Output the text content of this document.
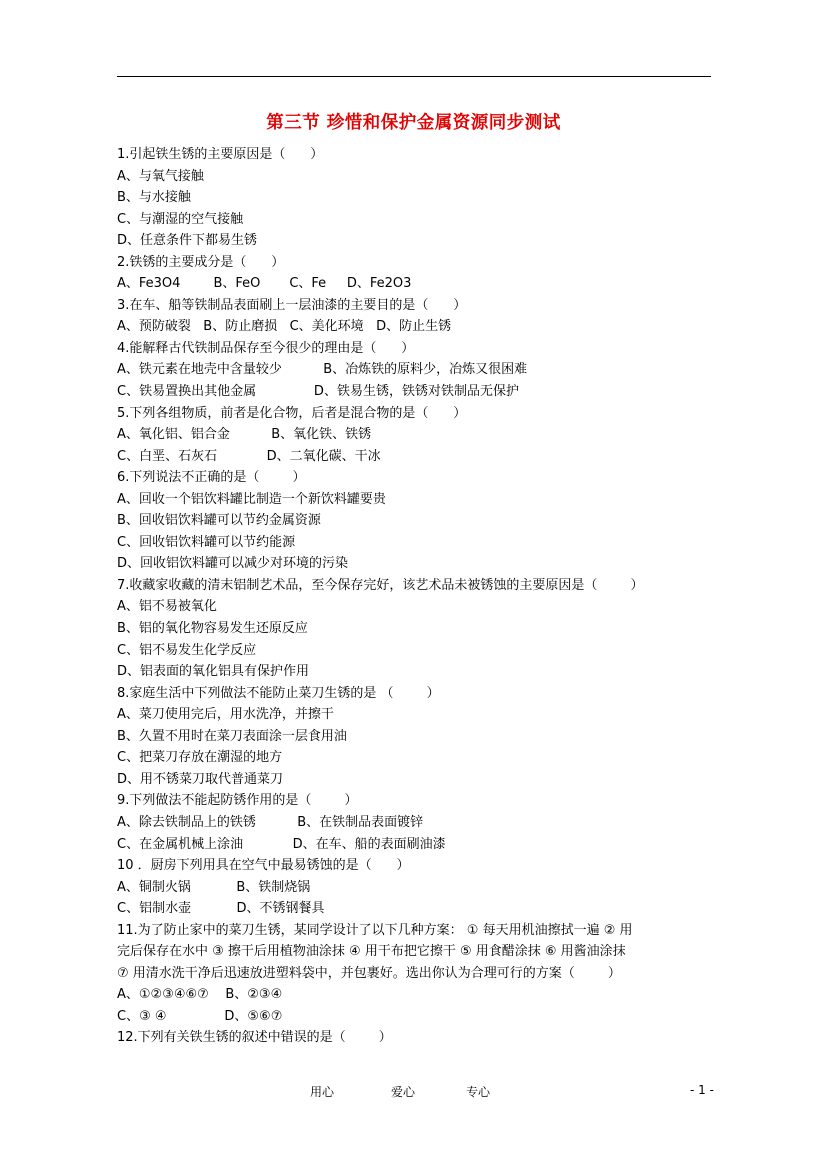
第三节 珍惜和保护金属资源同步测试
1.引起铁生锈的主要原因是（      ）
A、与氧气接触
B、与水接触
C、与潮湿的空气接触
D、任意条件下都易生锈
2.铁锈的主要成分是（      ）
A、Fe3O4        B、FeO       C、Fe     D、Fe2O3
3.在车、船等铁制品表面刷上一层油漆的主要目的是（      ）
A、预防破裂   B、防止磨损   C、美化环境   D、防止生锈
4.能解释古代铁制品保存至今很少的理由是（      ）
A、铁元素在地壳中含量较少          B、冶炼铁的原料少，冶炼又很困难
C、铁易置换出其他金属              D、铁易生锈，铁锈对铁制品无保护
5.下列各组物质，前者是化合物，后者是混合物的是（      ）
A、氧化铝、铝合金          B、氧化铁、铁锈
C、白垩、石灰石            D、二氧化碳、干冰
6.下列说法不正确的是（        ）
A、回收一个铝饮料罐比制造一个新饮料罐要贵
B、回收铝饮料罐可以节约金属资源
C、回收铝饮料罐可以节约能源
D、回收铝饮料罐可以减少对环境的污染
7.收藏家收藏的清末铝制艺术品，至今保存完好，该艺术品未被锈蚀的主要原因是（        ）
A、铝不易被氧化
B、铝的氧化物容易发生还原反应
C、铝不易发生化学反应
D、铝表面的氧化铝具有保护作用
8.家庭生活中下列做法不能防止菜刀生锈的是 （        ）
A、菜刀使用完后，用水洗净，并擦干
B、久置不用时在菜刀表面涂一层食用油
C、把菜刀存放在潮湿的地方
D、用不锈菜刀取代普通菜刀
9.下列做法不能起防锈作用的是（        ）
A、除去铁制品上的铁锈          B、在铁制品表面镀锌
C、在金属机械上涂油            D、在车、船的表面刷油漆
10 ．厨房下列用具在空气中最易锈蚀的是（      ）
A、铜制火锅           B、铁制烧锅
C、铝制水壶           D、不锈钢餐具
11.为了防止家中的菜刀生锈，某同学设计了以下几种方案： ① 每天用机油擦拭一遍 ② 用
完后保存在水中 ③ 擦干后用植物油涂抹 ④ 用干布把它擦干 ⑤ 用食醋涂抹 ⑥ 用酱油涂抹
⑦ 用清水洗干净后迅速放进塑料袋中，并包裹好。选出你认为合理可行的方案（        ）
A、①②③④⑥⑦    B、②③④
C、③ ④              D、⑤⑥⑦
12.下列有关铁生锈的叙述中错误的是（        ）
用心	爱心	专心	- 1 -
